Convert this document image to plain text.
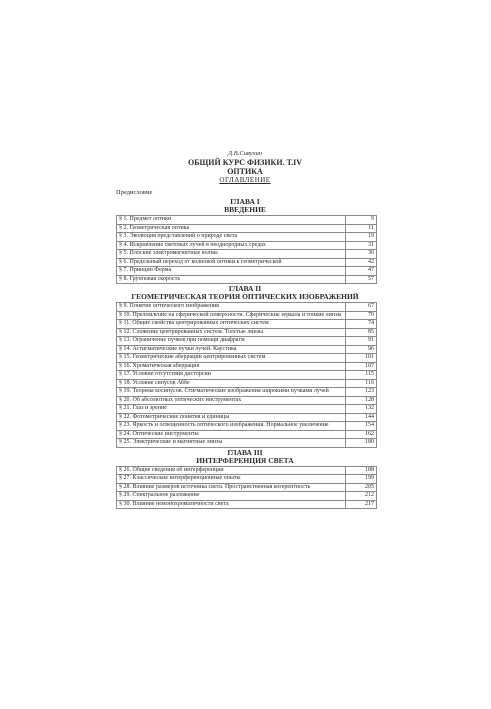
Д.В.Сивухин
ОБЩИЙ КУРС ФИЗИКИ. Т.IV
ОПТИКА
ОГЛАВЛЕНИЕ
Предисловие
ГЛАВА I
ВВЕДЕНИЕ
§ 1. Предмет оптики	9

§ 2. Геометрическая оптика	11

§ 3. Эволюция представлений о природе света	19

§ 4. Искривление световых лучей в неоднородных средах	31

§ 5. Плоские электромагнитные волны	36

§ 6. Предельный переход от волновой оптики к геометрической	42

§ 7. Принцип Ферма	47

§ 8. Групповая скорость	57
ГЛАВА II
ГЕОМЕТРИЧЕСКАЯ ТЕОРИЯ ОПТИЧЕСКИХ ИЗОБРАЖЕНИЙ
§ 9. Понятие оптического изображения	67

§ 10. Преломление на сферической поверхности. Сферические зеркала и тонкие линзы	70

§ 11. Общие свойства центрированных оптических систем	74

§ 12. Сложение центрированных систем. Толстые линзы	85

§ 13. Ограничение пучков при помощи диафрагм	91

§ 14. Астигматические пучки лучей. Каустика	96

§ 15. Геометрические аберрации центрированных систем	101

§ 16. Хроматическая аберрация	107

§ 17. Условие отсутствия дисторсии	115

§ 18. Условие синусов Аббе	116

§ 19. Теорема косинусов. Стигматические изображения широкими пучками лучей	123

§ 20. Об абсолютных оптических инструментах	128

§ 21. Глаз и зрение	132

§ 22. Фотометрические понятия и единицы	144

§ 23. Яркость и освещенность оптического изображения. Нормальное увеличение	154

§ 24. Оптические инструменты	162

§ 25. Электрические и магнитные линзы	180
ГЛАВА III
ИНТЕРФЕРЕНЦИЯ СВЕТА
§ 26. Общие сведения об интерференции	188

§ 27. Классические интерференционные опыты	199

§ 28. Влияние размеров источника света. Пространственная когерентность	205

§ 29. Спектральное разложение	212

§ 30. Влияние немонохроматичности света	217
